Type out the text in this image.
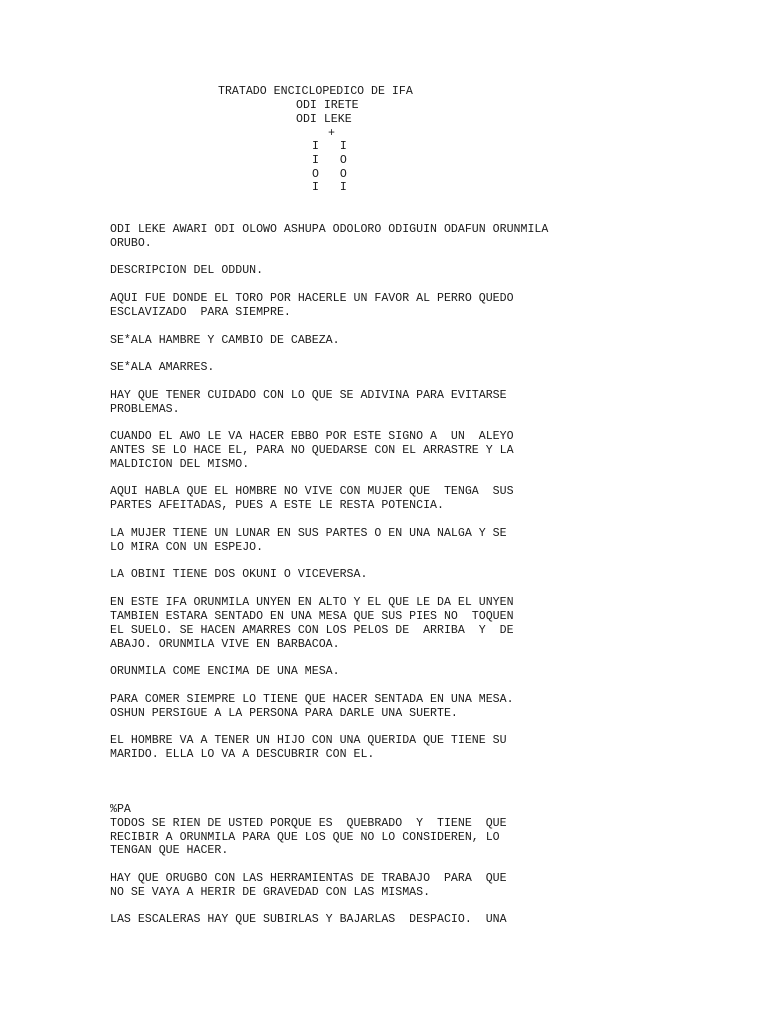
TRATADO ENCICLOPEDICO DE IFA
ODI IRETE
ODI LEKE
+
I   I
I   O
O   O
I   I
ODI LEKE AWARI ODI OLOWO ASHUPA ODOLORO ODIGUIN ODAFUN ORUNMILA
ORUBO.
DESCRIPCION DEL ODDUN.
AQUI FUE DONDE EL TORO POR HACERLE UN FAVOR AL PERRO QUEDO
ESCLAVIZADO  PARA SIEMPRE.
SE*ALA HAMBRE Y CAMBIO DE CABEZA.
SE*ALA AMARRES.
HAY QUE TENER CUIDADO CON LO QUE SE ADIVINA PARA EVITARSE
PROBLEMAS.
CUANDO EL AWO LE VA HACER EBBO POR ESTE SIGNO A  UN  ALEYO
ANTES SE LO HACE EL, PARA NO QUEDARSE CON EL ARRASTRE Y LA
MALDICION DEL MISMO.
AQUI HABLA QUE EL HOMBRE NO VIVE CON MUJER QUE  TENGA  SUS
PARTES AFEITADAS, PUES A ESTE LE RESTA POTENCIA.
LA MUJER TIENE UN LUNAR EN SUS PARTES O EN UNA NALGA Y SE
LO MIRA CON UN ESPEJO.
LA OBINI TIENE DOS OKUNI O VICEVERSA.
EN ESTE IFA ORUNMILA UNYEN EN ALTO Y EL QUE LE DA EL UNYEN
TAMBIEN ESTARA SENTADO EN UNA MESA QUE SUS PIES NO  TOQUEN
EL SUELO. SE HACEN AMARRES CON LOS PELOS DE  ARRIBA  Y  DE
ABAJO. ORUNMILA VIVE EN BARBACOA.
ORUNMILA COME ENCIMA DE UNA MESA.
PARA COMER SIEMPRE LO TIENE QUE HACER SENTADA EN UNA MESA.
OSHUN PERSIGUE A LA PERSONA PARA DARLE UNA SUERTE.
EL HOMBRE VA A TENER UN HIJO CON UNA QUERIDA QUE TIENE SU
MARIDO. ELLA LO VA A DESCUBRIR CON EL.
%PA
TODOS SE RIEN DE USTED PORQUE ES  QUEBRADO  Y  TIENE  QUE
RECIBIR A ORUNMILA PARA QUE LOS QUE NO LO CONSIDEREN, LO
TENGAN QUE HACER.
HAY QUE ORUGBO CON LAS HERRAMIENTAS DE TRABAJO  PARA  QUE
NO SE VAYA A HERIR DE GRAVEDAD CON LAS MISMAS.
LAS ESCALERAS HAY QUE SUBIRLAS Y BAJARLAS  DESPACIO.  UNA
